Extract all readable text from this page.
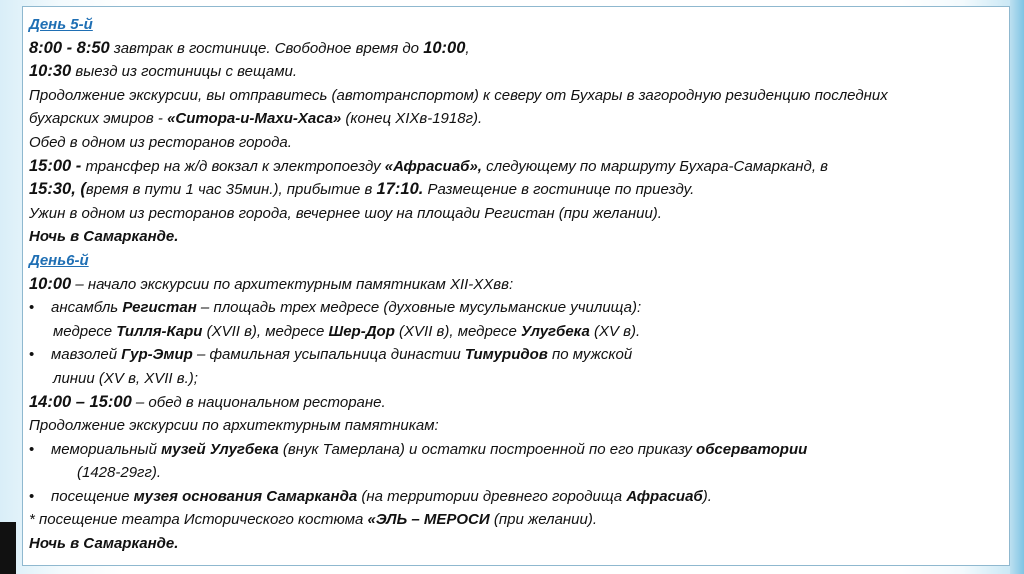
День 5-й
8:00 - 8:50 завтрак в гостинице. Свободное время до 10:00,
10:30 выезд из гостиницы с вещами.
Продолжение экскурсии, вы отправитесь (автотранспортом) к северу от Бухары в загородную резиденцию последних
бухарских эмиров - «Ситора-и-Махи-Хаса» (конец XIXв-1918г).
Обед в одном из ресторанов города.
15:00 - трансфер на ж/д вокзал к электропоезду «Афрасиаб», следующему по маршруту Бухара-Самарканд, в
15:30, (время в пути 1 час 35мин.), прибытие в 17:10. Размещение в гостинице по приезду.
Ужин в одном из ресторанов города, вечернее шоу на площади Регистан (при желании).
Ночь в Самарканде.
День6-й
10:00 – начало экскурсии по архитектурным памятникам XII-XXвв:
• ансамбль Регистан – площадь трех медресе (духовные мусульманские училища):
медресе Тилля-Кари (XVII в), медресе Шер-Дор (XVII в), медресе Улугбека (XV в).
• мавзолей Гур-Эмир – фамильная усыпальница династии Тимуридов по мужской
линии (XV в, XVII в.);
14:00 – 15:00 – обед в национальном ресторане.
Продолжение экскурсии по архитектурным памятникам:
• мемориальный музей Улугбека (внук Тамерлана) и остатки построенной по его приказу обсерватории
(1428-29гг).
• посещение музея основания Самарканда (на территории древнего городища Афрасиаб).
* посещение театра Исторического костюма «ЭЛЬ – МЕРОСИ (при желании).
Ночь в Самарканде.
